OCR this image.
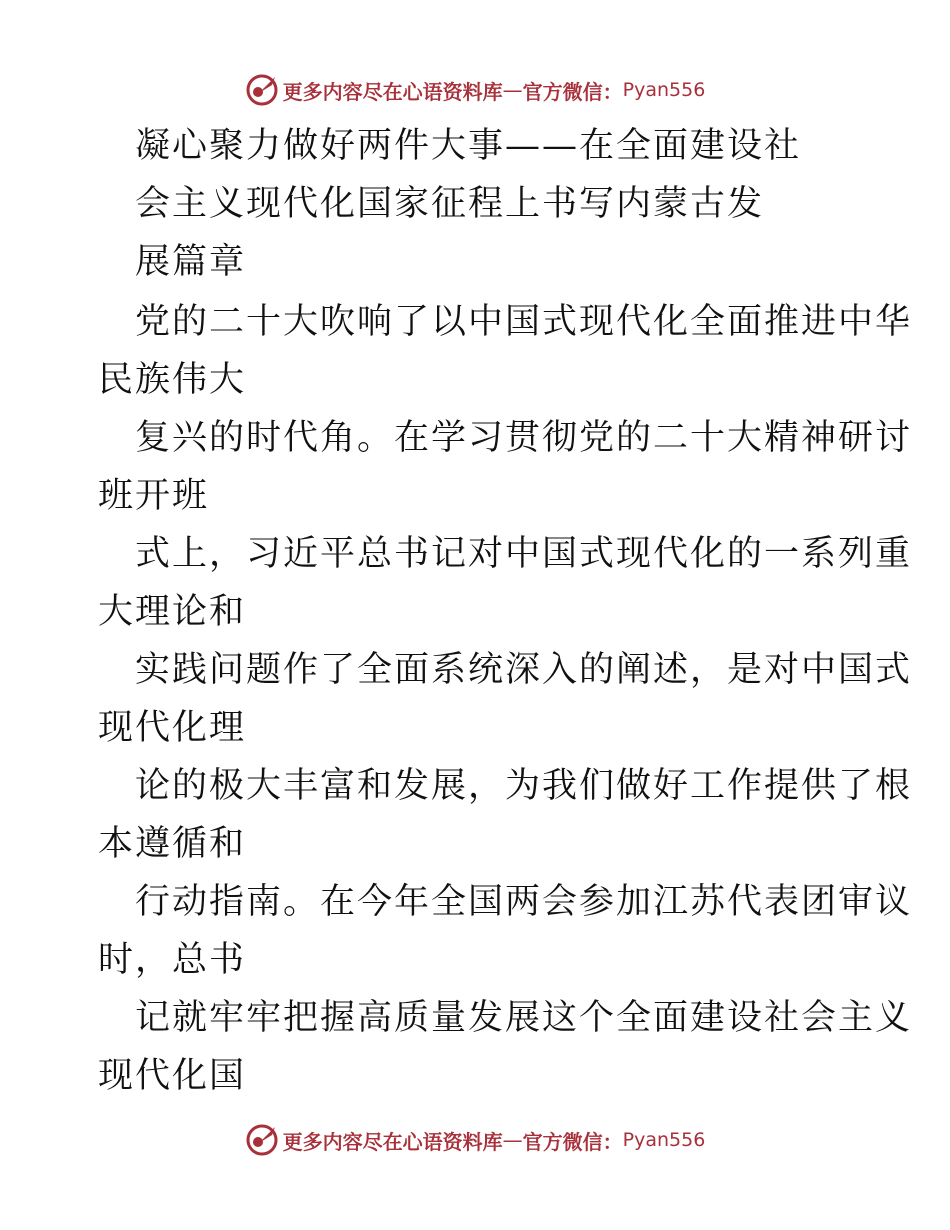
更多内容尽在心语资料库 — 官方微信： Pyan556
凝心聚力做好两件大事——在全面建设社
会主义现代化国家征程上书写内蒙古发
展篇章
党的二十大吹响了以中国式现代化全面推进中华
民族伟大
复兴的时代角。在学习贯彻党的二十大精神研讨
班开班
式上，习近平总书记对中国式现代化的一系列重
大理论和
实践问题作了全面系统深入的阐述，是对中国式
现代化理
论的极大丰富和发展，为我们做好工作提供了根
本遵循和
行动指南。在今年全国两会参加江苏代表团审议
时，总书
记就牢牢把握高质量发展这个全面建设社会主义
现代化国
更多内容尽在心语资料库 — 官方微信： Pyan556
